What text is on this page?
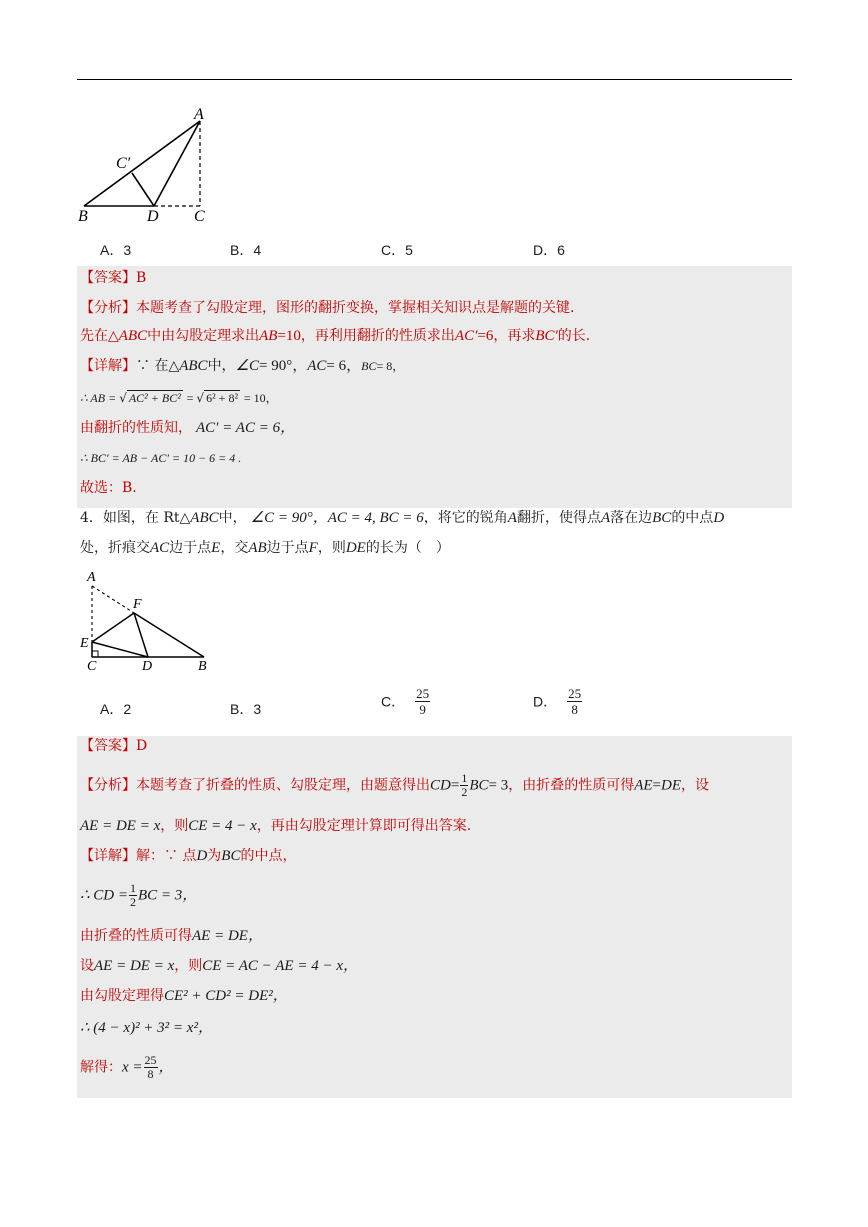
A
B	D C
C′
A．3	B．4	C．5	D．6
【答案】B
【分析】本题考查了勾股定理，图形的翻折变换，掌握相关知识点是解题的关键.
先在△ABC中由勾股定理求出AB=10，再利用翻折的性质求出AC′=6，再求BC′的长.
【详解】∵ 在△ABC中，∠C= 90°，AC= 6，BC= 8，
∴ AB = √ AC² + BC² = √ 6² + 8² = 10，
由翻折的性质知， AC′ = AC = 6，
∴ BC′ = AB − AC′ = 10 − 6 = 4 .
故选：B.
4．如图，在 Rt△ABC中， ∠C = 90°，AC = 4, BC = 6，将它的锐角A翻折，使得点A落在边BC的中点D
处，折痕交AC边于点E，交AB边于点F，则DE的长为（　）
A
F
E
C	D	B
A．2	B．3	C． $\frac{25}{9}$	D． $\frac{25}{8}$
【答案】D
【分析】本题考查了折叠的性质、勾股定理，由题意得出$CD= \frac{1}{2} BC= 3$，由折叠的性质可得AE=DE，设
AE = DE = x，则CE = 4 − x，再由勾股定理计算即可得出答案.
【详解】解：∵ 点D为BC的中点，
∴ CD = $\frac{1}{2}$ BC = 3，
由折叠的性质可得AE = DE，
设AE = DE = x，则CE = AC − AE = 4 − x，
由勾股定理得CE² + CD² = DE²，
∴ (4 − x)² + 3² = x²，
解得：$x = \frac{25}{8}$ ，
